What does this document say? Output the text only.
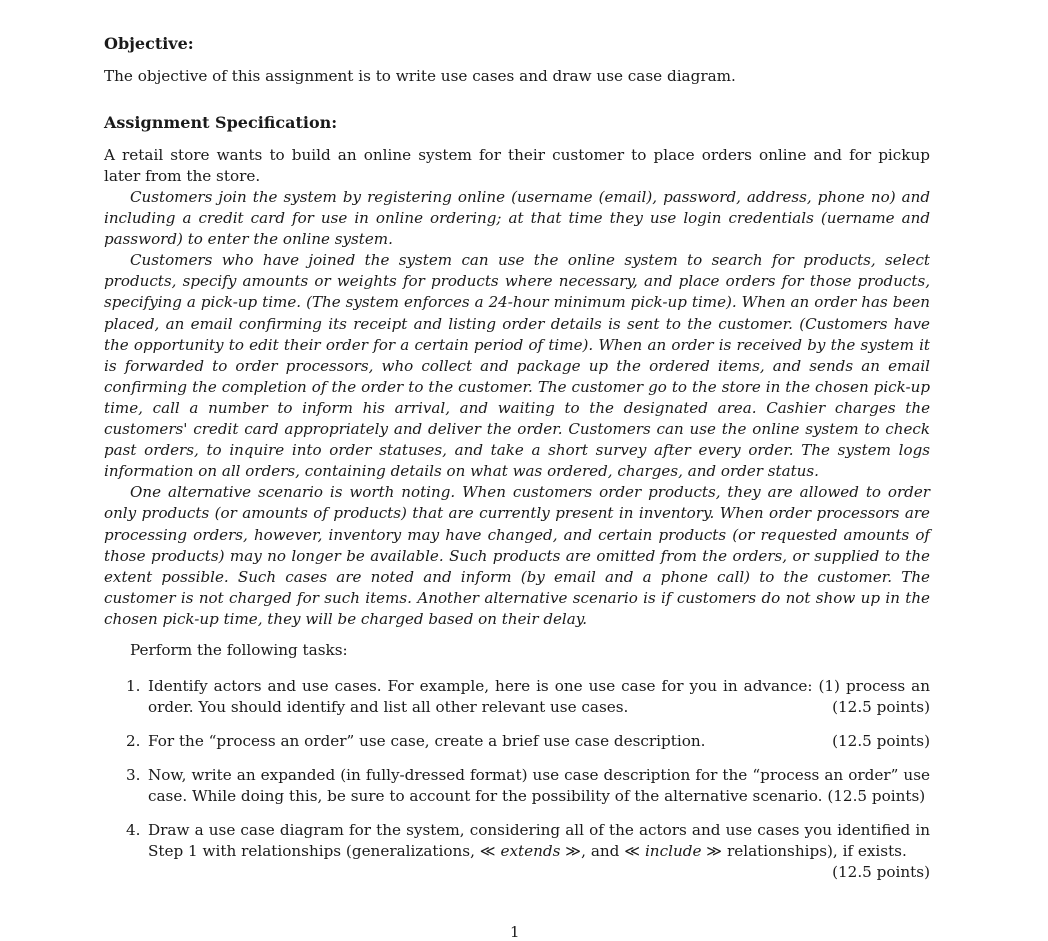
Objective:

The objective of this assignment is to write use cases and draw use case diagram.

Assignment Specification:

A retail store wants to build an online system for their customer to place orders online and for pickup later from the store.

Customers join the system by registering online (username (email), password, address, phone no) and including a credit card for use in online ordering; at that time they use login credentials (uername and password) to enter the online system.

Customers who have joined the system can use the online system to search for products, select products, specify amounts or weights for products where necessary, and place orders for those products, specifying a pick-up time. (The system enforces a 24-hour minimum pick-up time). When an order has been placed, an email confirming its receipt and listing order details is sent to the customer. (Customers have the opportunity to edit their order for a certain period of time). When an order is received by the system it is forwarded to order processors, who collect and package up the ordered items, and sends an email confirming the completion of the order to the customer. The customer go to the store in the chosen pick-up time, call a number to inform his arrival, and waiting to the designated area. Cashier charges the customers' credit card appropriately and deliver the order. Customers can use the online system to check past orders, to inquire into order statuses, and take a short survey after every order. The system logs information on all orders, containing details on what was ordered, charges, and order status.

One alternative scenario is worth noting. When customers order products, they are allowed to order only products (or amounts of products) that are currently present in inventory. When order processors are processing orders, however, inventory may have changed, and certain products (or requested amounts of those products) may no longer be available. Such products are omitted from the orders, or supplied to the extent possible. Such cases are noted and inform (by email and a phone call) to the customer. The customer is not charged for such items. Another alternative scenario is if customers do not show up in the chosen pick-up time, they will be charged based on their delay.

Perform the following tasks:

1. Identify actors and use cases. For example, here is one use case for you in advance: (1) process an order. You should identify and list all other relevant use cases.	(12.5 points)
2. For the “process an order” use case, create a brief use case description.	(12.5 points)
3. Now, write an expanded (in fully-dressed format) use case description for the “process an order” use case. While doing this, be sure to account for the possibility of the alternative scenario. (12.5 points)
4. Draw a use case diagram for the system, considering all of the actors and use cases you identified in Step 1 with relationships (generalizations, ≪ extends ≫, and ≪ include ≫ relationships), if exists.
(12.5 points)
1
